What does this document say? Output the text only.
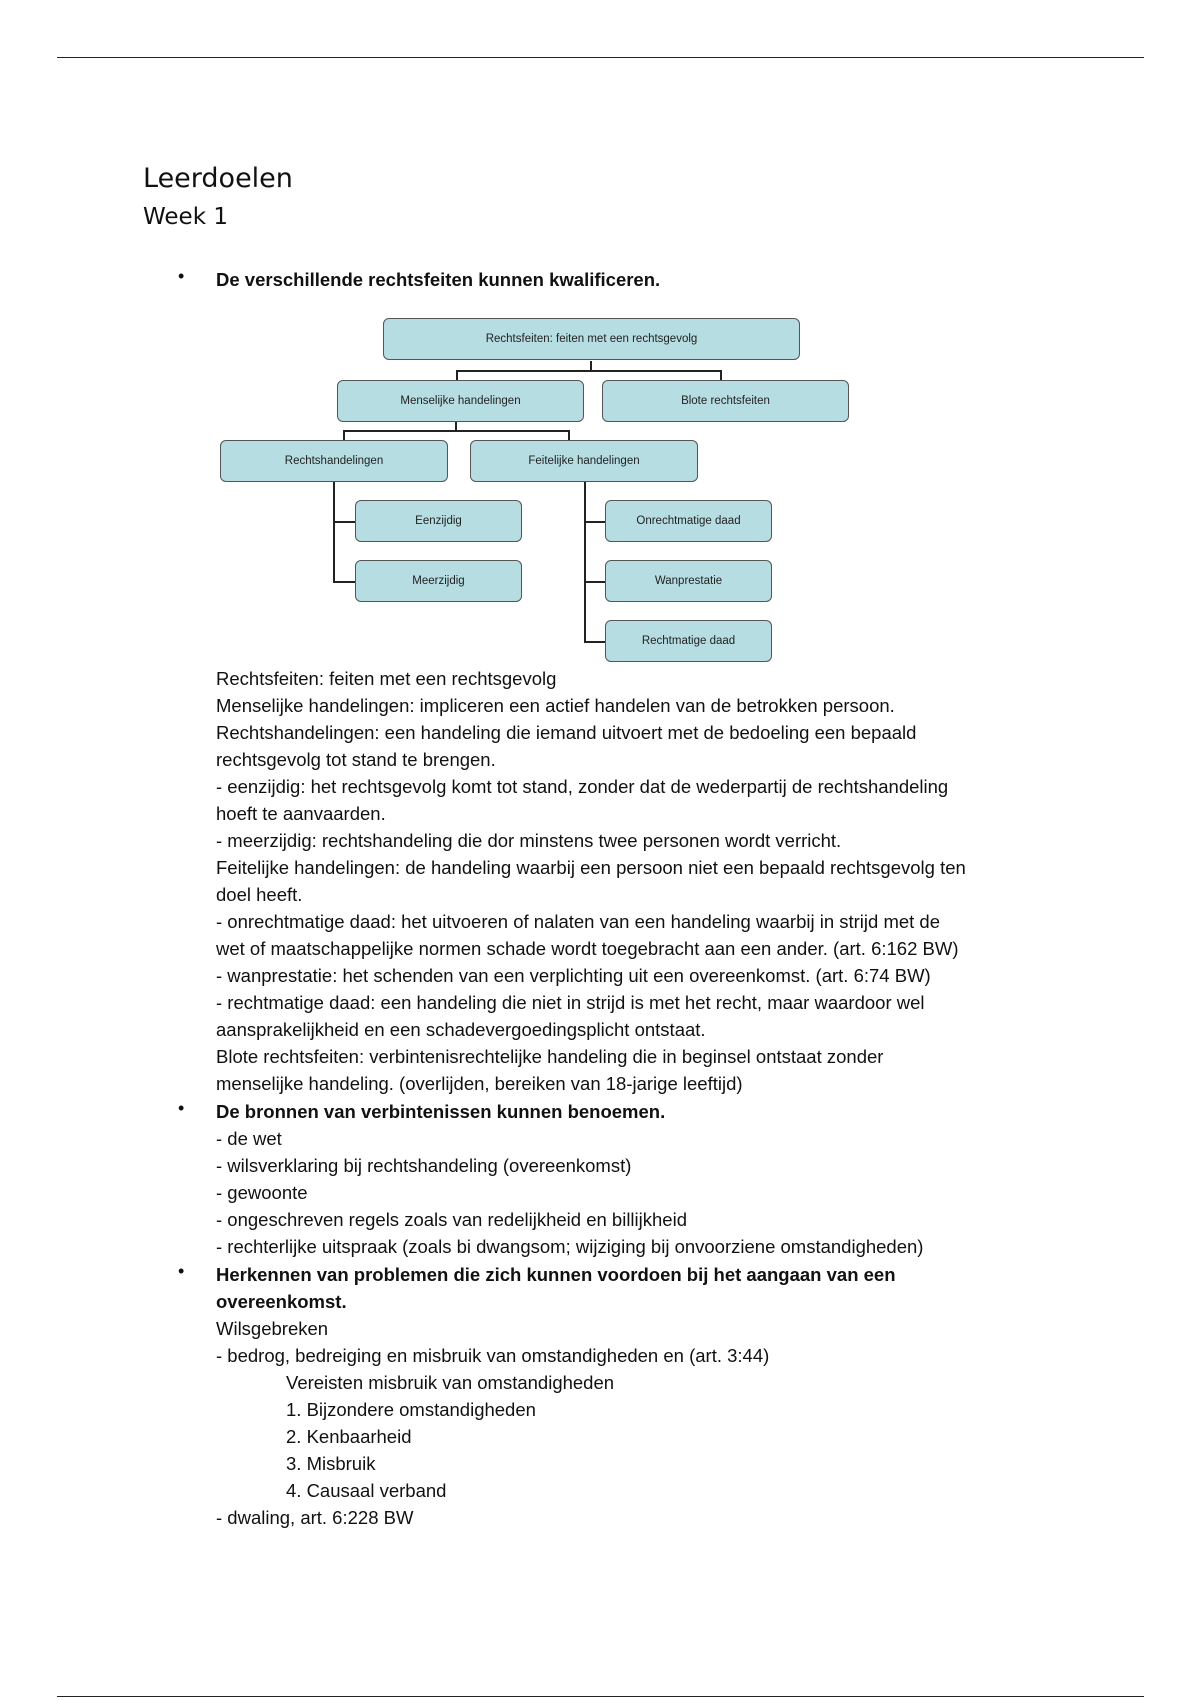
Leerdoelen
Week 1
• De verschillende rechtsfeiten kunnen kwalificeren.
Rechtsfeiten: feiten met een rechtsgevolg
Menselijke handelingen	Blote rechtsfeiten
Rechtshandelingen	Feitelijke handelingen
Eenzijdig
Meerzijdig
Onrechtmatige daad
Wanprestatie
Rechtmatige daad
Rechtsfeiten: feiten met een rechtsgevolg
Menselijke handelingen: impliceren een actief handelen van de betrokken persoon.
Rechtshandelingen: een handeling die iemand uitvoert met de bedoeling een bepaald
rechtsgevolg tot stand te brengen.
- eenzijdig: het rechtsgevolg komt tot stand, zonder dat de wederpartij de rechtshandeling
hoeft te aanvaarden.
- meerzijdig: rechtshandeling die dor minstens twee personen wordt verricht.
Feitelijke handelingen: de handeling waarbij een persoon niet een bepaald rechtsgevolg ten
doel heeft.
- onrechtmatige daad: het uitvoeren of nalaten van een handeling waarbij in strijd met de
wet of maatschappelijke normen schade wordt toegebracht aan een ander. (art. 6:162 BW)
- wanprestatie: het schenden van een verplichting uit een overeenkomst. (art. 6:74 BW)
- rechtmatige daad: een handeling die niet in strijd is met het recht, maar waardoor wel
aansprakelijkheid en een schadevergoedingsplicht ontstaat.
Blote rechtsfeiten: verbintenisrechtelijke handeling die in beginsel ontstaat zonder
menselijke handeling. (overlijden, bereiken van 18-jarige leeftijd)
• De bronnen van verbintenissen kunnen benoemen.
- de wet
- wilsverklaring bij rechtshandeling (overeenkomst)
- gewoonte
- ongeschreven regels zoals van redelijkheid en billijkheid
- rechterlijke uitspraak (zoals bi dwangsom; wijziging bij onvoorziene omstandigheden)
• Herkennen van problemen die zich kunnen voordoen bij het aangaan van een
overeenkomst.
Wilsgebreken
- bedrog, bedreiging en misbruik van omstandigheden en (art. 3:44)
Vereisten misbruik van omstandigheden
1. Bijzondere omstandigheden
2. Kenbaarheid
3. Misbruik
4. Causaal verband
- dwaling, art. 6:228 BW
